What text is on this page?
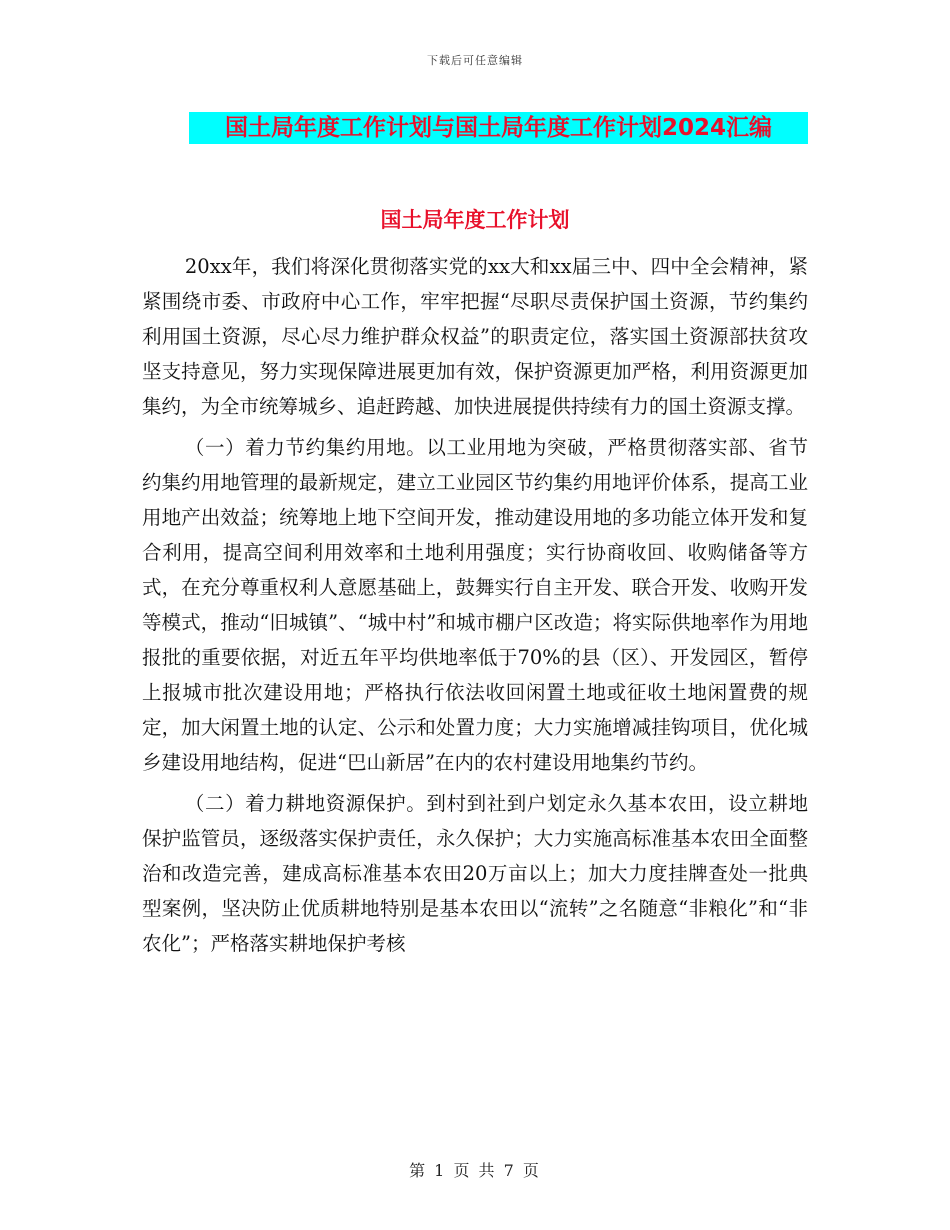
下载后可任意编辑
国土局年度工作计划与国土局年度工作计划2024汇编
国土局年度工作计划

20xx年，我们将深化贯彻落实党的xx大和xx届三中、四中全会精神，紧紧围绕市委、市政府中心工作，牢牢把握“尽职尽责保护国土资源，节约集约利用国土资源，尽心尽力维护群众权益”的职责定位，落实国土资源部扶贫攻坚支持意见，努力实现保障进展更加有效，保护资源更加严格，利用资源更加集约，为全市统筹城乡、追赶跨越、加快进展提供持续有力的国土资源支撑。

（一）着力节约集约用地。以工业用地为突破，严格贯彻落实部、省节约集约用地管理的最新规定，建立工业园区节约集约用地评价体系，提高工业用地产出效益；统筹地上地下空间开发，推动建设用地的多功能立体开发和复合利用，提高空间利用效率和土地利用强度；实行协商收回、收购储备等方式，在充分尊重权利人意愿基础上，鼓舞实行自主开发、联合开发、收购开发等模式，推动“旧城镇”、“城中村”和城市棚户区改造；将实际供地率作为用地报批的重要依据，对近五年平均供地率低于70%的县（区）、开发园区，暂停上报城市批次建设用地；严格执行依法收回闲置土地或征收土地闲置费的规定，加大闲置土地的认定、公示和处置力度；大力实施增减挂钩项目，优化城乡建设用地结构，促进“巴山新居”在内的农村建设用地集约节约。

（二）着力耕地资源保护。到村到社到户划定永久基本农田，设立耕地保护监管员，逐级落实保护责任，永久保护；大力实施高标准基本农田全面整治和改造完善，建成高标准基本农田20万亩以上；加大力度挂牌查处一批典型案例，坚决防止优质耕地特别是基本农田以“流转”之名随意“非粮化”和“非农化”；严格落实耕地保护考核

第 1 页 共 7 页
